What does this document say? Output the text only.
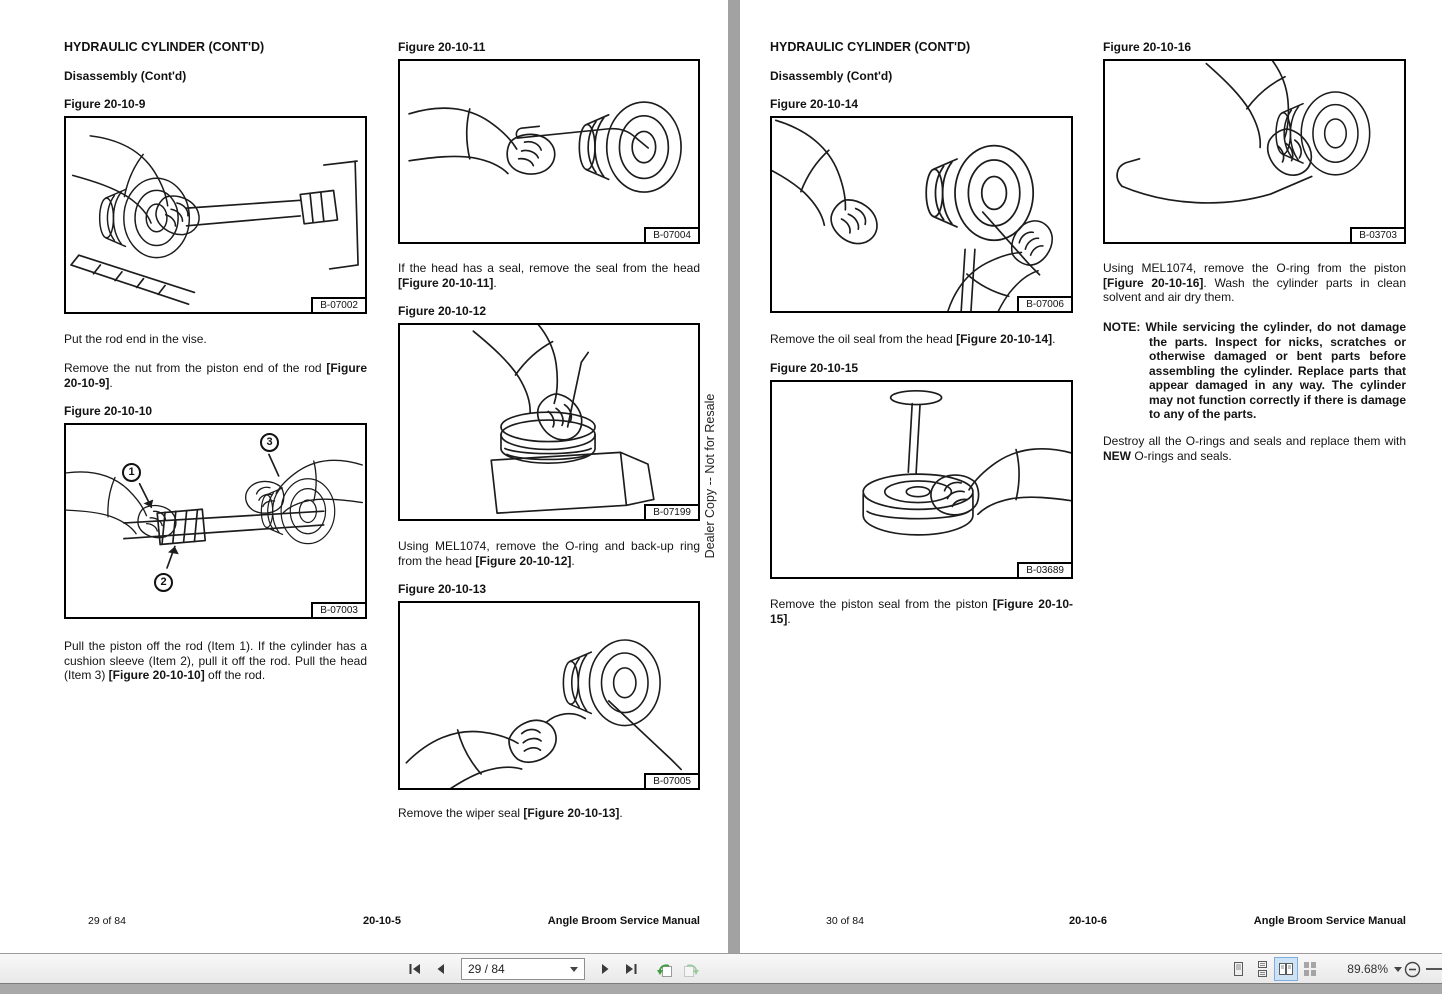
HYDRAULIC CYLINDER (CONT'D)
Disassembly (Cont'd)
Figure 20-10-9
B-07002
Put the rod end in the vise.
Remove the nut from the piston end of the rod [Figure 20-10-9].
Figure 20-10-10
1
2
3
B-07003
Pull the piston off the rod (Item 1). If the cylinder has a cushion sleeve (Item 2), pull it off the rod. Pull the head (Item 3) [Figure 20-10-10] off the rod.
Figure 20-10-11
B-07004
If the head has a seal, remove the seal from the head [Figure 20-10-11].
Figure 20-10-12
B-07199
Using MEL1074, remove the O-ring and back-up ring from the head [Figure 20-10-12].
Figure 20-10-13
B-07005
Remove the wiper seal [Figure 20-10-13].
Dealer Copy -- Not for Resale
29 of 84	20-10-5	Angle Broom Service Manual
HYDRAULIC CYLINDER (CONT'D)
Disassembly (Cont'd)
Figure 20-10-14
B-07006
Remove the oil seal from the head [Figure 20-10-14].
Figure 20-10-15
B-03689
Remove the piston seal from the piston [Figure 20-10-15].
Figure 20-10-16
B-03703
Using MEL1074, remove the O-ring from the piston [Figure 20-10-16]. Wash the cylinder parts in clean solvent and air dry them.
NOTE: While servicing the cylinder, do not damage the parts. Inspect for nicks, scratches or otherwise damaged or bent parts before assembling the cylinder. Replace parts that appear damaged in any way. The cylinder may not function correctly if there is damage to any of the parts.
Destroy all the O-rings and seals and replace them with NEW O-rings and seals.
30 of 84	20-10-6	Angle Broom Service Manual
29 / 84	89.68%
